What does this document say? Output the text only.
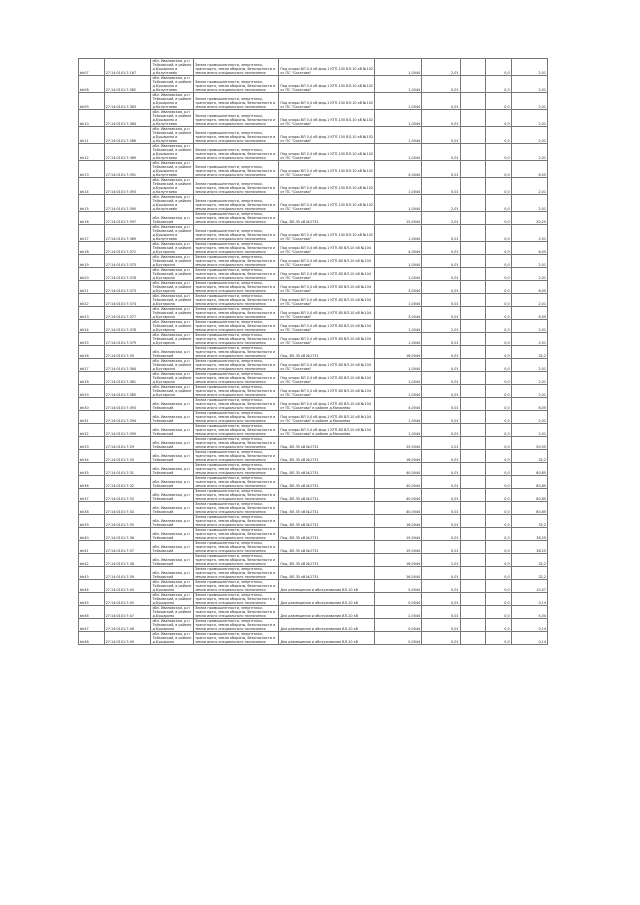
bh07	27:14:0101:7:167	обл. Ивановская, р-н Тейковский, в районе д.Бушарино и д.Колунтаево	Земли промышленности, энергетики, транспорта, земли обороны, безопасности и земли иного специального назначения	Под опоры ВЛ 0,4 кВ фид.1 КТП-150 ВЛ-10 кВ №102 от ПС "Сокатово"	1,0044	2,01		0,0	2,01
bh08	27:14:0101:7:382	обл. Ивановская, р-н Тейковский, в районе д.Бушарино и д.Колунтаево	Земли промышленности, энергетики, транспорта, земли обороны, безопасности и земли иного специального назначения	Под опоры ВЛ 0,4 кВ фид.1 КТП-150 ВЛ-10 кВ №102 от ПС "Сокатово"	1,0044	0,01		0,0	2,01
bh09	27:14:0101:7:383	обл. Ивановская, р-н Тейковский, в районе д.Бушарино и д.Колунтаево	Земли промышленности, энергетики, транспорта, земли обороны, безопасности и земли иного специального назначения	Под опоры ВЛ 0,4 кВ фид.1 КТП-150 ВЛ-10 кВ №102 от ПС "Сокатово"	1,0044	0,01		0,0	2,01
bh10	27:14:0101:7:384	обл. Ивановская, р-н Тейковский, в районе д.Бушарино и д.Колунтаево	Земли промышленности, энергетики, транспорта, земли обороны, безопасности и земли иного специального назначения	Под опоры ВЛ 0,4 кВ фид.1 КТП-150 ВЛ-10 кВ №102 от ПС "Сокатово"	1,0044	0,01		0,0	2,01
bh11	27:14:0101:7:386	обл. Ивановская, р-н Тейковский, в районе д.Бушарино и д.Колунтаево	Земли промышленности, энергетики, транспорта, земли обороны, безопасности и земли иного специального назначения	Под опоры ВЛ 0,4 кВ фид.1 КТП-150 ВЛ-10 кВ №102 от ПС "Сокатово"	1,0044	0,01		0,0	2,01
bh12	27:14:0101:7:389	обл. Ивановская, р-н Тейковский, в районе д.Бушарино и д.Колунтаево	Земли промышленности, энергетики, транспорта, земли обороны, безопасности и земли иного специального назначения	Под опоры ВЛ 0,4 кВ фид.1 КТП-150 ВЛ-10 кВ №102 от ПС "Сокатово"	1,0044	0,01		0,0	2,01
bh13	27:14:0101:7:391	обл. Ивановская, р-н Тейковский, в районе д.Бушарино и д.Колунтаево	Земли промышленности, энергетики, транспорта, земли обороны, безопасности и земли иного специального назначения	Под опоры ВЛ 0,4 кВ фид.1 КТП-150 ВЛ-10 кВ №102 от ПС "Сокатово"	4,0044	0,01		0,0	8,05
bh14	27:14:0101:7:393	обл. Ивановская, р-н Тейковский, в районе д.Бушарино и д.Колунтаево	Земли промышленности, энергетики, транспорта, земли обороны, безопасности и земли иного специального назначения	Под опоры ВЛ 0,4 кВ фид.1 КТП-150 ВЛ-10 кВ №102 от ПС "Сокатово"	1,0044	0,01		0,0	2,01
bh15	27:14:0101:7:395	обл. Ивановская, р-н Тейковский, в районе д.Бушарино и д.Колунтаево	Земли промышленности, энергетики, транспорта, земли обороны, безопасности и земли иного специального назначения	Под опоры ВЛ 0,4 кВ фид.1 КТП-150 ВЛ-10 кВ №102 от ПС "Сокатово"	1,0044	2,01		0,0	2,01
bh16	27:14:0101:7:397	обл. Ивановская, р-н Тейковский	Земли промышленности, энергетики, транспорта, земли обороны, безопасности и земли иного специального назначения	Под. ВЛ-35 кВ №2731	15,0044	2,01		0,0	30,25
bh17	27:14:0101:7:369	обл. Ивановская, р-н Тейковский, в районе д.Бушарино и д.Колунтаево	Земли промышленности, энергетики, транспорта, земли обороны, безопасности и земли иного специального назначения	Под опоры ВЛ 0,4 кВ фид.1 КТП-150 ВЛ-10 кВ №102 от ПС "Сокатово"	1,0044	0,01		0,0	2,01
bh18	27:14:0101:7:372	обл. Ивановская, р-н Тейковский, в районе д.Бухтарино	Земли промышленности, энергетики, транспорта, земли обороны, безопасности и земли иного специального назначения	Под опоры ВЛ 0,4 кВ фид.1 КТП-80 ВЛ-10 кВ №104 от ПС "Сокатово"	4,0044	0,01		0,0	8,05
bh19	27:14:0101:7:375	обл. Ивановская, р-н Тейковский, в районе д.Бухтарино	Земли промышленности, энергетики, транспорта, земли обороны, безопасности и земли иного специального назначения	Под опоры ВЛ 0,4 кВ фид.1 КТП-80 ВЛ-10 кВ №104 от ПС "Сокатово"	1,0044	0,01		0,0	2,01
bh20	27:14:0101:7:376	обл. Ивановская, р-н Тейковский, в районе д.Бухтарино	Земли промышленности, энергетики, транспорта, земли обороны, безопасности и земли иного специального назначения	Под опоры ВЛ 0,4 кВ фид.1 КТП-80 ВЛ-10 кВ №104 от ПС "Сокатово"	1,0044	0,01		0,0	2,01
bh21	27:14:0101:7:373	обл. Ивановская, р-н Тейковский, в районе д.Бухтарино	Земли промышленности, энергетики, транспорта, земли обороны, безопасности и земли иного специального назначения	Под опоры ВЛ 0,4 кВ фид.1 КТП-80 ВЛ-10 кВ №104 от ПС "Сокатово"	3,0044	0,01		0,0	6,05
bh22	27:14:0101:7:374	обл. Ивановская, р-н Тейковский, в районе д.Бухтарино	Земли промышленности, энергетики, транспорта, земли обороны, безопасности и земли иного специального назначения	Под опоры ВЛ 0,4 кВ фид.1 КТП-80 ВЛ-10 кВ №104 от ПС "Сокатово"	1,0044	0,01		0,0	2,01
bh23	27:14:0101:7:377	обл. Ивановская, р-н Тейковский, в районе д.Бухтарино	Земли промышленности, энергетики, транспорта, земли обороны, безопасности и земли иного специального назначения	Под опоры ВЛ 0,4 кВ фид.1 КТП-80 ВЛ-10 кВ №104 от ПС "Сокатово"	3,0044	0,01		0,0	6,05
bh24	27:14:0101:7:378	обл. Ивановская, р-н Тейковский, в районе д.Бухтарино	Земли промышленности, энергетики, транспорта, земли обороны, безопасности и земли иного специального назначения	Под опоры ВЛ 0,4 кВ фид.1 КТП-80 ВЛ-10 кВ №104 от ПС "Сокатово"	1,0044	2,01		0,0	2,01
bh25	27:14:0101:7:379	обл. Ивановская, р-н Тейковский, в районе д.Бухтарино	Земли промышленности, энергетики, транспорта, земли обороны, безопасности и земли иного специального назначения	Под опоры ВЛ 0,4 кВ фид.1 КТП-80 ВЛ-10 кВ №104 от ПС "Сокатово"	1,0044	0,01		0,0	2,01
bh26	27:14:0101:7:35	обл. Ивановская, р-н Тейковский	Земли промышленности, энергетики, транспорта, земли обороны, безопасности и земли иного специального назначения	Под. ВЛ-35 кВ №2731	16,0044	0,01		0,0	32,2
bh27	27:14:0101:7:384	обл. Ивановская, р-н Тейковский, в районе д.Бухтарино	Земли промышленности, энергетики, транспорта, земли обороны, безопасности и земли иного специального назначения	Под опоры ВЛ 0,4 кВ фид.1 КТП-80 ВЛ-10 кВ №104 от ПС "Сокатово"	1,0044	0,01		0,0	2,01
bh28	27:14:0101:7:381	обл. Ивановская, р-н Тейковский, в районе д.Бухтарино	Земли промышленности, энергетики, транспорта, земли обороны, безопасности и земли иного специального назначения	Под опоры ВЛ 0,4 кВ фид.1 КТП-80 ВЛ-10 кВ №104 от ПС "Сокатово"	1,0044	0,01		0,0	2,01
bh29	27:14:0101:7:385	обл. Ивановская, р-н Тейковский, в районе д.Бухтарино	Земли промышленности, энергетики, транспорта, земли обороны, безопасности и земли иного специального назначения	Под опоры ВЛ 0,4 кВ фид.1 КТП-80 ВЛ-10 кВ №104 от ПС "Сокатово"	1,0044	0,01		0,0	2,01
bh30	27:14:0101:7:393	обл. Ивановская, р-н Тейковский	Земли промышленности, энергетики, транспорта, земли обороны, безопасности и земли иного специального назначения	Под опоры ВЛ 0,4 кВ фид.1 КТП-80 ВЛ-10 кВ №104 от ПС "Сокатово" в районе д.Михалёво	4,0044	0,01		0,0	8,05
bh31	27:14:0101:7:394	обл. Ивановская, р-н Тейковский	Земли промышленности, энергетики, транспорта, земли обороны, безопасности и земли иного специального назначения	Под опоры ВЛ 0,4 кВ фид.1 КТП-80 ВЛ-10 кВ №104 от ПС "Сокатово" в районе д.Михалёво	1,0044	0,01		0,0	2,01
bh32	27:14:0101:7:395	обл. Ивановская, р-н Тейковский	Земли промышленности, энергетики, транспорта, земли обороны, безопасности и земли иного специального назначения	Под опоры ВЛ 0,4 кВ фид.1 КТП-80 ВЛ-10 кВ №104 от ПС "Сокатово" в районе д.Михалёво	1,0044	0,01		0,0	2,01
bh33	27:14:0101:7:29	обл. Ивановская, р-н Тейковский	Земли промышленности, энергетики, транспорта, земли обороны, безопасности и земли иного специального назначения	Под. ВЛ-35 кВ №2731	25,0044	2,01		0,0	50,55
bh34	27:14:0101:7:30	обл. Ивановская, р-н Тейковский	Земли промышленности, энергетики, транспорта, земли обороны, безопасности и земли иного специального назначения	Под. ВЛ-35 кВ №2731	16,0044	0,01		0,0	32,2
bh35	27:14:0101:7:31	обл. Ивановская, р-н Тейковский	Земли промышленности, энергетики, транспорта, земли обороны, безопасности и земли иного специального назначения	Под. ВЛ-35 кВ №2731	40,0044	0,01		0,0	80,85
bh36	27:14:0101:7:32	обл. Ивановская, р-н Тейковский	Земли промышленности, энергетики, транспорта, земли обороны, безопасности и земли иного специального назначения	Под. ВЛ-35 кВ №2731	40,0044	0,01		0,0	80,85
bh37	27:14:0101:7:33	обл. Ивановская, р-н Тейковский	Земли промышленности, энергетики, транспорта, земли обороны, безопасности и земли иного специального назначения	Под. ВЛ-35 кВ №2731	40,0044	0,01		0,0	80,85
bh38	27:14:0101:7:34	обл. Ивановская, р-н Тейковский	Земли промышленности, энергетики, транспорта, земли обороны, безопасности и земли иного специального назначения	Под. ВЛ-35 кВ №2731	40,0044	0,01		0,0	80,85
bh39	27:14:0101:7:35	обл. Ивановская, р-н Тейковский	Земли промышленности, энергетики, транспорта, земли обороны, безопасности и земли иного специального назначения	Под. ВЛ-35 кВ №2731	16,0044	0,01		0,0	32,2
bh40	27:14:0101:7:36	обл. Ивановская, р-н Тейковский	Земли промышленности, энергетики, транспорта, земли обороны, безопасности и земли иного специального назначения	Под. ВЛ-35 кВ №2731	19,0044	0,01		0,0	38,25
bh41	27:14:0101:7:37	обл. Ивановская, р-н Тейковский	Земли промышленности, энергетики, транспорта, земли обороны, безопасности и земли иного специального назначения	Под. ВЛ-35 кВ №2731	19,0044	0,01		0,0	38,25
bh42	27:14:0101:7:38	обл. Ивановская, р-н Тейковский	Земли промышленности, энергетики, транспорта, земли обороны, безопасности и земли иного специального назначения	Под. ВЛ-35 кВ №2731	16,0044	2,01		0,0	32,2
bh43	27:14:0101:7:39	обл. Ивановская, р-н Тейковский	Земли промышленности, энергетики, транспорта, земли обороны, безопасности и земли иного специального назначения	Под. ВЛ-35 кВ №2731	16,0044	0,01		0,0	32,2
bh44	27:14:0101:7:40	обл. Ивановская, р-н Тейковский, в районе д.Бушарино	Земли промышленности, энергетики, транспорта, земли обороны, безопасности и земли иного специального назначения	Для размещения и обслуживания ВЛ-10 кВ	5,0044	0,01		0,0	10,07
bh45	27:14:0101:7:45	обл. Ивановская, р-н Тейковский, в районе д.Бушарино	Земли промышленности, энергетики, транспорта, земли обороны, безопасности и земли иного специального назначения	Для размещения и обслуживания ВЛ-10 кВ	0,0044	0,01		0,0	0,14
bh46	27:14:0101:7:47	обл. Ивановская, р-н Тейковский, в районе д.Бушарино	Земли промышленности, энергетики, транспорта, земли обороны, безопасности и земли иного специального назначения	Для размещения и обслуживания ВЛ-10 кВ	2,0044	0,01		0,0	4,04
bh47	27:14:0101:7:48	обл. Ивановская, р-н Тейковский, в районе д.Бушарино	Земли промышленности, энергетики, транспорта, земли обороны, безопасности и земли иного специального назначения	Для размещения и обслуживания ВЛ-10 кВ	0,0044	0,01		0,0	0,14
bh48	27:14:0101:7:49	обл. Ивановская, р-н Тейковский, в районе д.Бушарино	Земли промышленности, энергетики, транспорта, земли обороны, безопасности и земли иного специального назначения	Для размещения и обслуживания ВЛ-10 кВ	0,0044	0,01		0,0	0,14
